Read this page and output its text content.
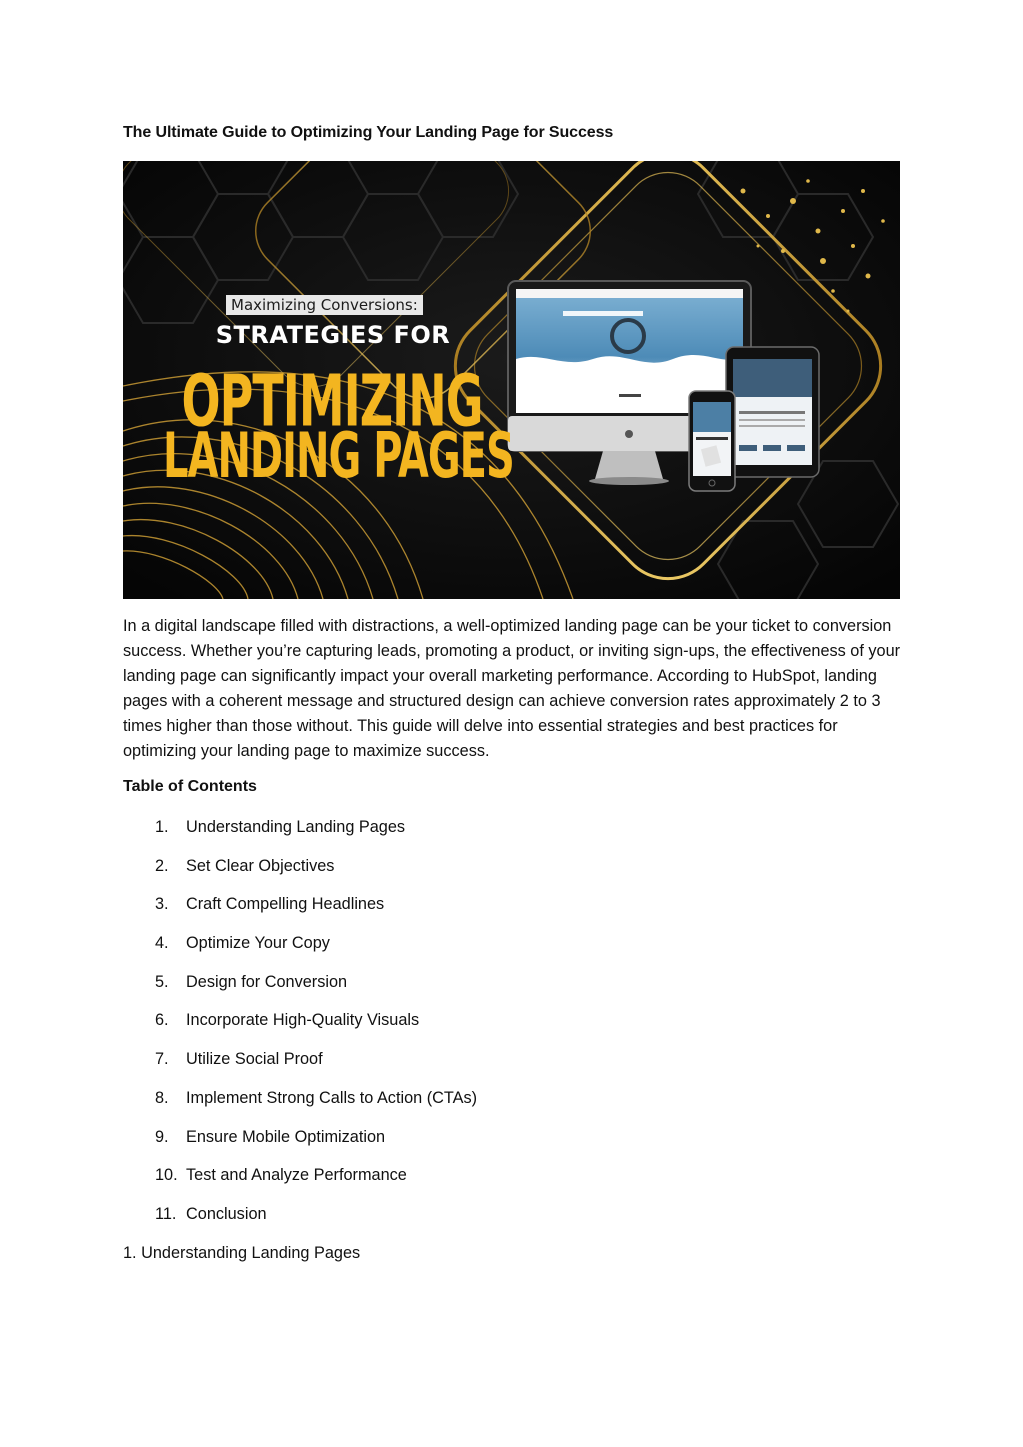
The Ultimate Guide to Optimizing Your Landing Page for Success
Maximizing Conversions:
STRATEGIES FOR
OPTIMIZING
LANDING PAGES

In a digital landscape filled with distractions, a well-optimized landing page can be your ticket to conversion success. Whether you’re capturing leads, promoting a product, or inviting sign-ups, the effectiveness of your landing page can significantly impact your overall marketing performance. According to HubSpot, landing pages with a coherent message and structured design can achieve conversion rates approximately 2 to 3 times higher than those without. This guide will delve into essential strategies and best practices for optimizing your landing page to maximize success.

Table of Contents
1. Understanding Landing Pages
2. Set Clear Objectives
3. Craft Compelling Headlines
4. Optimize Your Copy
5. Design for Conversion
6. Incorporate High-Quality Visuals
7. Utilize Social Proof
8. Implement Strong Calls to Action (CTAs)
9. Ensure Mobile Optimization
10. Test and Analyze Performance
11. Conclusion
1. Understanding Landing Pages
